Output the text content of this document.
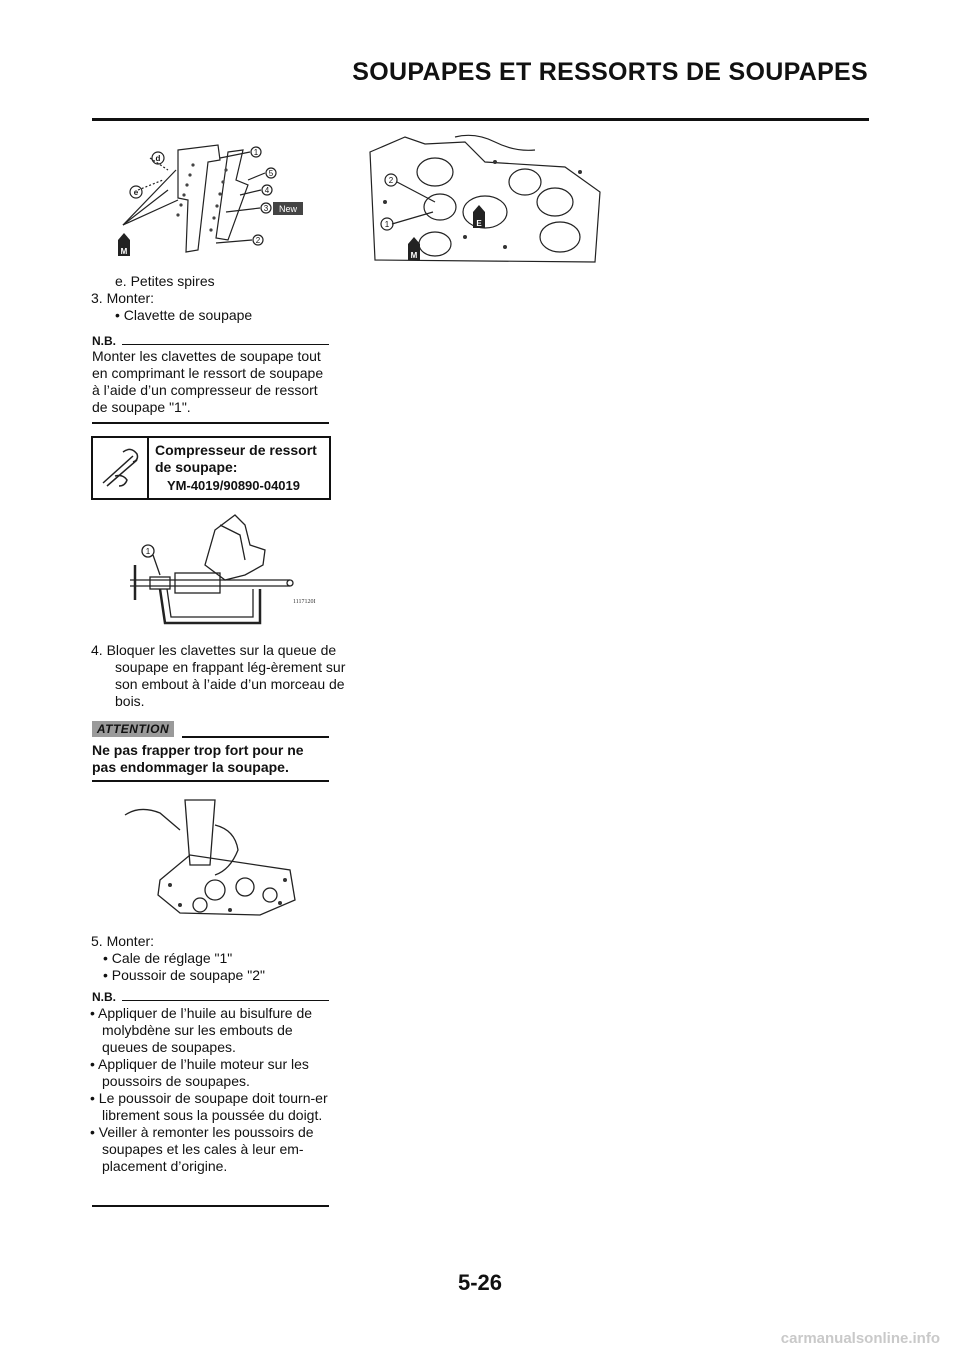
SOUPAPES ET RESSORTS DE SOUPAPES
d
e
1
5
4
3
2
New
M
e. Petites spires
3. Monter:
• Clavette de soupape
N.B.
Monter les clavettes de soupape tout en comprimant le ressort de soupape à l’aide d’un compresseur de ressort de soupape "1".
Compresseur de ressort de soupape:
YM-4019/90890-04019
1
1117120I
4. Bloquer les clavettes sur la queue de soupape en frappant lég-èrement sur son embout à l’aide d’un morceau de bois.
ATTENTION
Ne pas frapper trop fort pour ne pas endommager la soupape.
5. Monter:
• Cale de réglage "1"
• Poussoir de soupape "2"
N.B.
• Appliquer de l’huile au bisulfure de molybdène sur les embouts de queues de soupapes.
• Appliquer de l’huile moteur sur les poussoirs de soupapes.
• Le poussoir de soupape doit tourn-er librement sous la poussée du doigt.
• Veiller à remonter les poussoirs de soupapes et les cales à leur em-placement d’origine.
2
1	E
M
5-26
carmanualsonline.info
